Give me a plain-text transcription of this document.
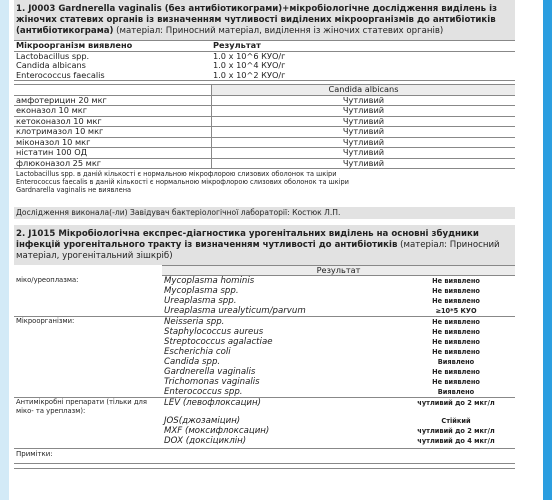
1. J0003 Gardnerella vaginalis (без антибіотикограми)+мікробіологічне дослідження виділень із жіночих статевих органів із визначенням чутливості виділених мікроорганізмів до антибіотиків (антибіотикограма) (матеріал: Приносний матеріал, виділення із жіночих статевих органів)
Мікроорганізм виявлено	Результат
Lactobacillus spp.	1.0 x 10^6 КУО/г
Candida albicans	1.0 x 10^4 КУО/г
Enterococcus faecalis	1.0 x 10^2 КУО/г
Candida albicans
амфотерицин 20 мкг	Чутливий
еконазол 10 мкг	Чутливий
кетоконазол 10 мкг	Чутливий
клотримазол 10 мкг	Чутливий
міконазол 10 мкг	Чутливий
ністатин 100 ОД	Чутливий
флюконазол 25 мкг	Чутливий
Lactobacillus spp. в даній кількості є нормальною мікрофлорою слизових оболонок та шкіри
Enterococcus faecalis в даній кількості є нормальною мікрофлорою слизових оболонок та шкіри
Gardnarella vaginalis не виявлена
Дослідження виконала(-ли) Завідувач бактеріологічної лабораторії: Костюк Л.П.
2. J1015 Мікробіологічна експрес-діагностика урогенітальних виділень на основні збудники інфекцій урогенітального тракту із визначенням чутливості до антибіотиків (матеріал: Приносний матеріал, урогенітальний зішкріб)
Результат
міко/уреоплазма:	Mycoplasma hominis	Не виявлено
Mycoplasma spp.	Не виявлено
Ureaplasma spp.	Не виявлено
Ureaplasma urealyticum/parvum	≥10*5 КУО
Мікроорганізми:	Neisseria spp.	Не виявлено
Staphylococcus aureus	Не виявлено
Streptococcus agalactiae	Не виявлено
Escherichia coli	Не виявлено
Candida spp.	Виявлено
Gardnerella vaginalis	Не виявлено
Trichomonas vaginalis	Не виявлено
Enterococcus spp.	Виявлено
Антимікробні препарати (тільки для міко- та уреплазм):
LEV (левофлоксацин)	чутливий до 2 мкг/л
JOS(джозаміцин)	Стійкий
MXF (моксифлоксацин)	чутливий до 2 мкг/л
DOX (доксіциклін)	чутливий до 4 мкг/л
Примітки:
